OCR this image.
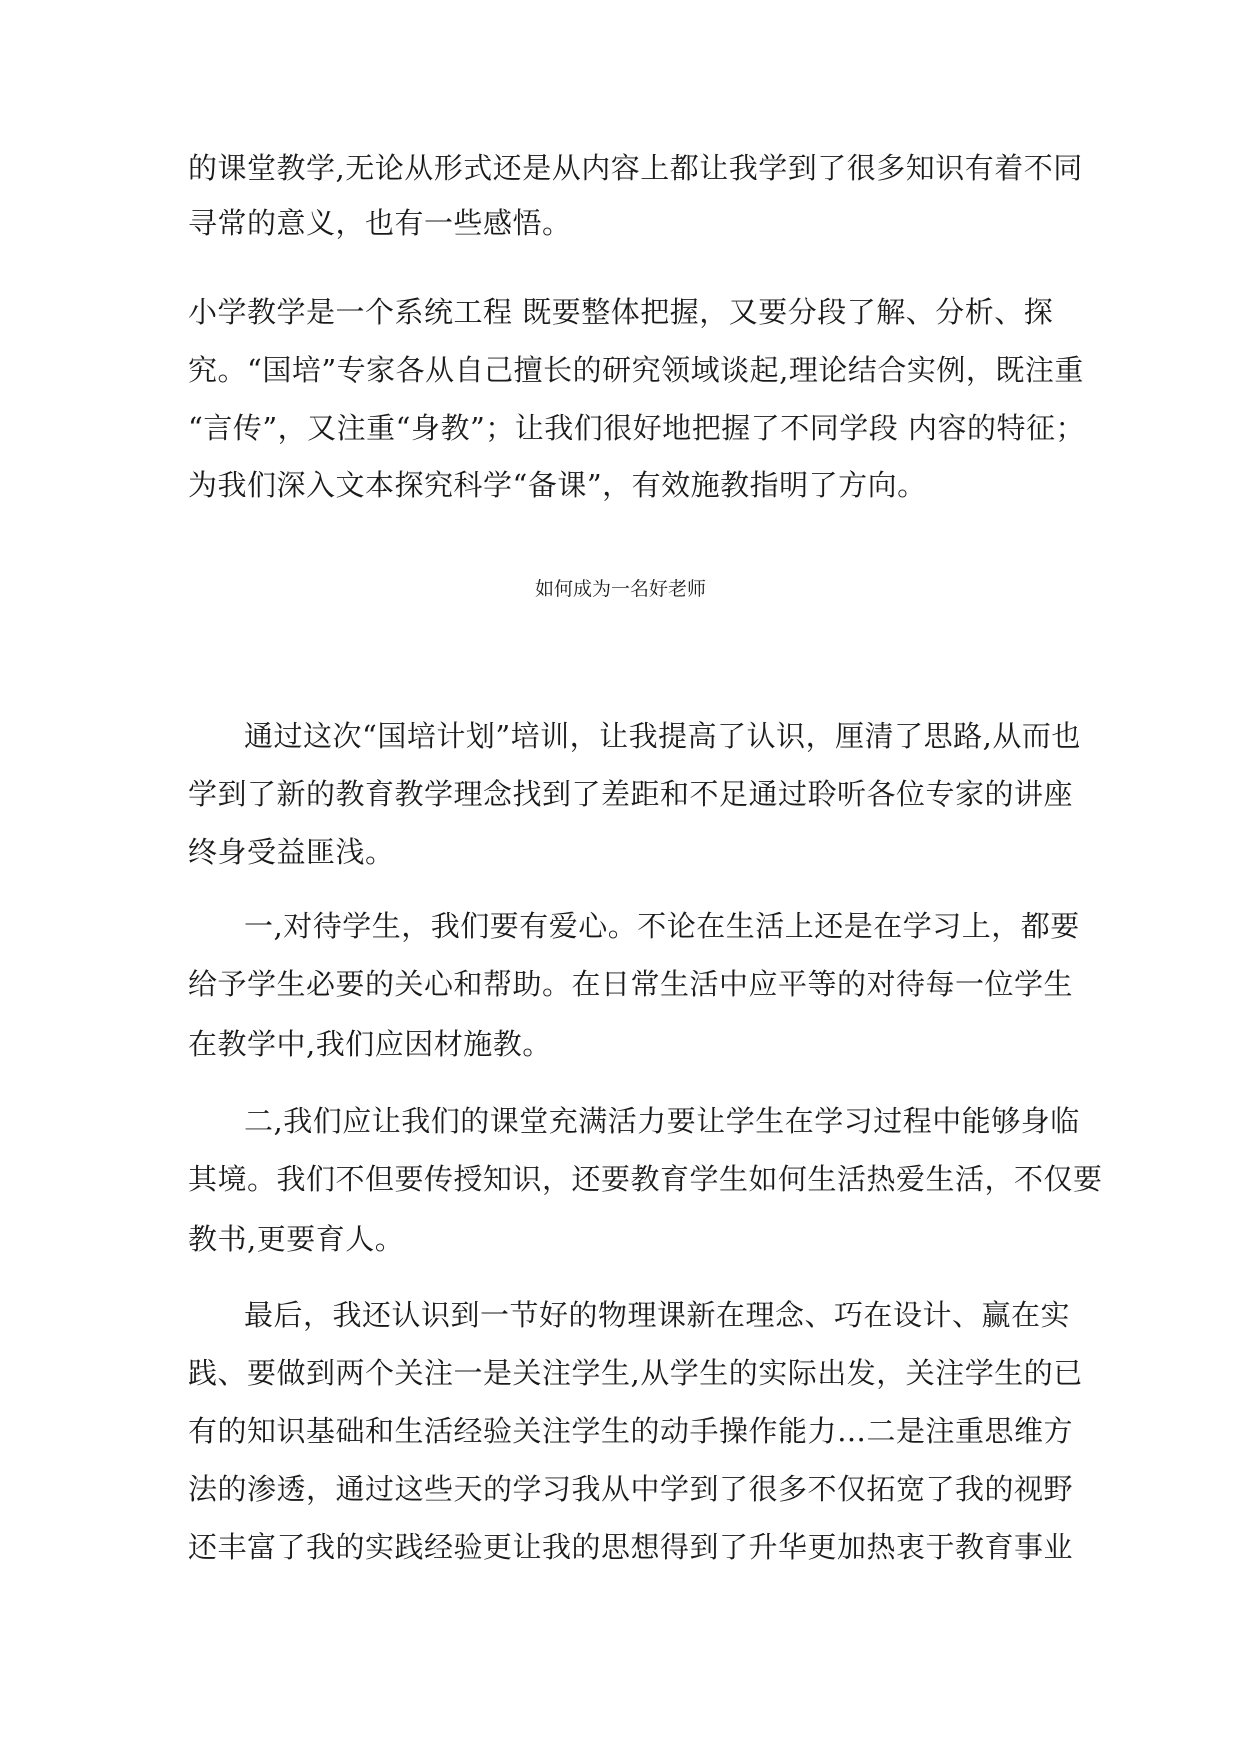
的课堂教学,无论从形式还是从内容上都让我学到了很多知识有着不同
寻常的意义，也有一些感悟。
小学教学是一个系统工程 既要整体把握，又要分段了解、分析、探
究。“国培”专家各从自己擅长的研究领域谈起,理论结合实例，既注重
“言传”，又注重“身教”；让我们很好地把握了不同学段 内容的特征；
为我们深入文本探究科学“备课”，有效施教指明了方向。
如何成为一名好老师
通过这次“国培计划”培训，让我提高了认识，厘清了思路,从而也
学到了新的教育教学理念找到了差距和不足通过聆听各位专家的讲座
终身受益匪浅。
一,对待学生，我们要有爱心。不论在生活上还是在学习上，都要
给予学生必要的关心和帮助。在日常生活中应平等的对待每一位学生
在教学中,我们应因材施教。
二,我们应让我们的课堂充满活力要让学生在学习过程中能够身临
其境。我们不但要传授知识，还要教育学生如何生活热爱生活，不仅要
教书,更要育人。
最后，我还认识到一节好的物理课新在理念、巧在设计、赢在实
践、要做到两个关注一是关注学生,从学生的实际出发，关注学生的已
有的知识基础和生活经验关注学生的动手操作能力…二是注重思维方
法的渗透，通过这些天的学习我从中学到了很多不仅拓宽了我的视野
还丰富了我的实践经验更让我的思想得到了升华更加热衷于教育事业
